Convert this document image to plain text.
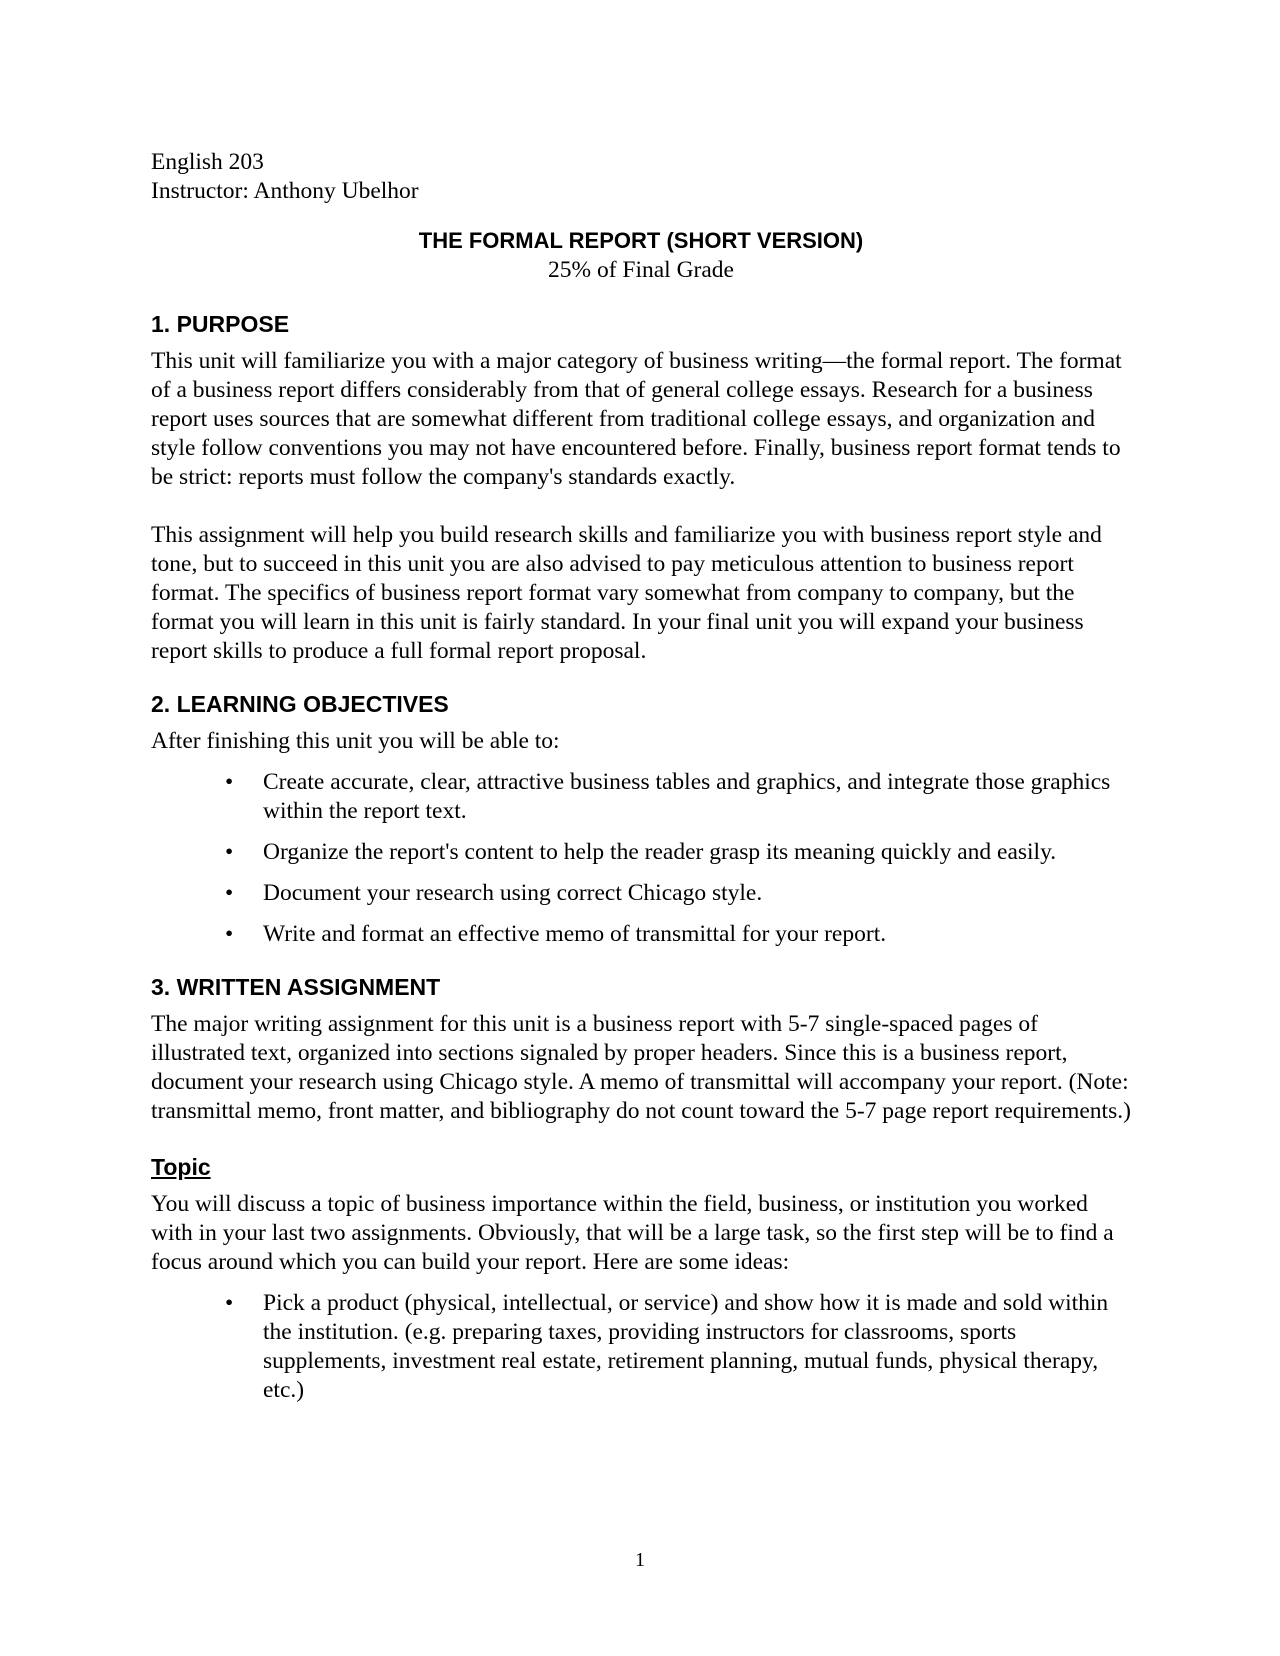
English 203

Instructor: Anthony Ubelhor

THE FORMAL REPORT (SHORT VERSION)

25% of Final Grade

1. PURPOSE

This unit will familiarize you with a major category of business writing—the formal report. The format of a business report differs considerably from that of general college essays. Research for a business report uses sources that are somewhat different from traditional college essays, and organization and style follow conventions you may not have encountered before. Finally, business report format tends to be strict: reports must follow the company's standards exactly.

This assignment will help you build research skills and familiarize you with business report style and tone, but to succeed in this unit you are also advised to pay meticulous attention to business report format. The specifics of business report format vary somewhat from company to company, but the format you will learn in this unit is fairly standard. In your final unit you will expand your business report skills to produce a full formal report proposal.

2. LEARNING OBJECTIVES

After finishing this unit you will be able to:

• Create accurate, clear, attractive business tables and graphics, and integrate those graphics within the report text.
• Organize the report's content to help the reader grasp its meaning quickly and easily.
• Document your research using correct Chicago style.
• Write and format an effective memo of transmittal for your report.
3. WRITTEN ASSIGNMENT

The major writing assignment for this unit is a business report with 5-7 single-spaced pages of illustrated text, organized into sections signaled by proper headers. Since this is a business report, document your research using Chicago style. A memo of transmittal will accompany your report. (Note: transmittal memo, front matter, and bibliography do not count toward the 5-7 page report requirements.)

Topic

You will discuss a topic of business importance within the field, business, or institution you worked with in your last two assignments. Obviously, that will be a large task, so the first step will be to find a focus around which you can build your report. Here are some ideas:

• Pick a product (physical, intellectual, or service) and show how it is made and sold within the institution. (e.g. preparing taxes, providing instructors for classrooms, sports supplements, investment real estate, retirement planning, mutual funds, physical therapy, etc.)
1
